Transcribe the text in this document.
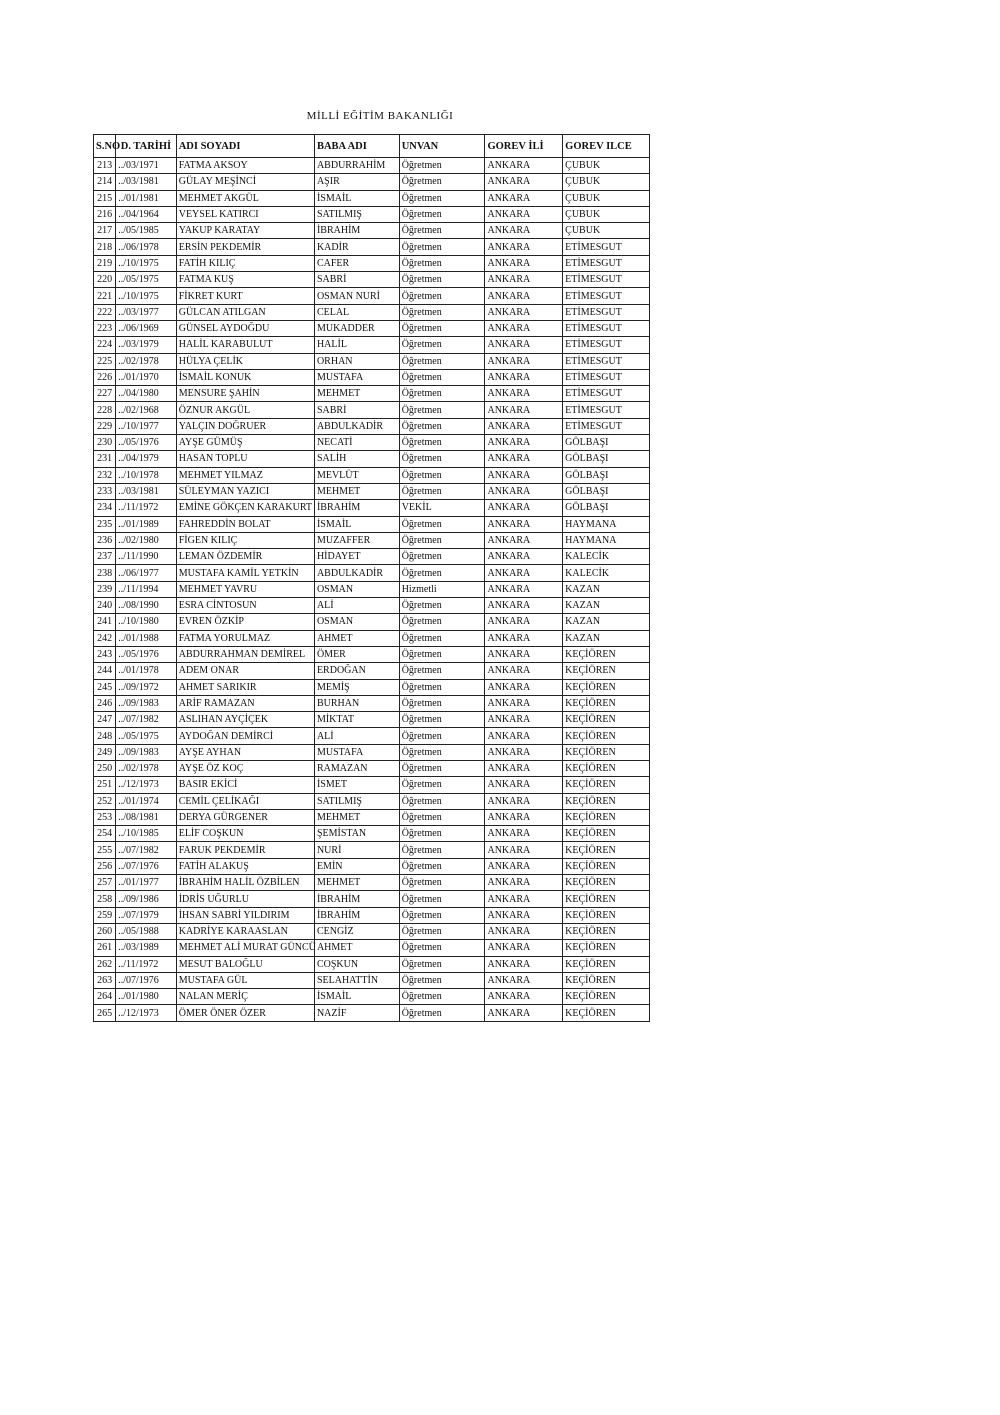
MİLLİ EĞİTİM BAKANLIĞI
S.NO	D. TARİHİ	ADI SOYADI	BABA ADI	UNVAN	GOREV İLİ	GOREV ILCE
213	../03/1971	FATMA AKSOY	ABDURRAHİM	Öğretmen	ANKARA	ÇUBUK
214	../03/1981	GÜLAY MEŞİNCİ	AŞIR	Öğretmen	ANKARA	ÇUBUK
215	../01/1981	MEHMET AKGÜL	İSMAİL	Öğretmen	ANKARA	ÇUBUK
216	../04/1964	VEYSEL KATIRCI	SATILMIŞ	Öğretmen	ANKARA	ÇUBUK
217	../05/1985	YAKUP KARATAY	İBRAHİM	Öğretmen	ANKARA	ÇUBUK
218	../06/1978	ERSİN PEKDEMİR	KADİR	Öğretmen	ANKARA	ETİMESGUT
219	../10/1975	FATİH KILIÇ	CAFER	Öğretmen	ANKARA	ETİMESGUT
220	../05/1975	FATMA KUŞ	SABRİ	Öğretmen	ANKARA	ETİMESGUT
221	../10/1975	FİKRET KURT	OSMAN NURİ	Öğretmen	ANKARA	ETİMESGUT
222	../03/1977	GÜLCAN ATILGAN	CELAL	Öğretmen	ANKARA	ETİMESGUT
223	../06/1969	GÜNSEL AYDOĞDU	MUKADDER	Öğretmen	ANKARA	ETİMESGUT
224	../03/1979	HALİL KARABULUT	HALİL	Öğretmen	ANKARA	ETİMESGUT
225	../02/1978	HÜLYA ÇELİK	ORHAN	Öğretmen	ANKARA	ETİMESGUT
226	../01/1970	İSMAİL KONUK	MUSTAFA	Öğretmen	ANKARA	ETİMESGUT
227	../04/1980	MENSURE ŞAHİN	MEHMET	Öğretmen	ANKARA	ETİMESGUT
228	../02/1968	ÖZNUR AKGÜL	SABRİ	Öğretmen	ANKARA	ETİMESGUT
229	../10/1977	YALÇIN DOĞRUER	ABDULKADİR	Öğretmen	ANKARA	ETİMESGUT
230	../05/1976	AYŞE GÜMÜŞ	NECATİ	Öğretmen	ANKARA	GÖLBAŞI
231	../04/1979	HASAN TOPLU	SALİH	Öğretmen	ANKARA	GÖLBAŞI
232	../10/1978	MEHMET YILMAZ	MEVLÜT	Öğretmen	ANKARA	GÖLBAŞI
233	../03/1981	SÜLEYMAN YAZICI	MEHMET	Öğretmen	ANKARA	GÖLBAŞI
234	../11/1972	EMİNE GÖKÇEN KARAKURT	İBRAHİM	VEKİL	ANKARA	GÖLBAŞI
235	../01/1989	FAHREDDİN BOLAT	İSMAİL	Öğretmen	ANKARA	HAYMANA
236	../02/1980	FİGEN KILIÇ	MUZAFFER	Öğretmen	ANKARA	HAYMANA
237	../11/1990	LEMAN ÖZDEMİR	HİDAYET	Öğretmen	ANKARA	KALECİK
238	../06/1977	MUSTAFA KAMİL YETKİN	ABDULKADİR	Öğretmen	ANKARA	KALECİK
239	../11/1994	MEHMET YAVRU	OSMAN	Hizmetli	ANKARA	KAZAN
240	../08/1990	ESRA CİNTOSUN	ALİ	Öğretmen	ANKARA	KAZAN
241	../10/1980	EVREN ÖZKİP	OSMAN	Öğretmen	ANKARA	KAZAN
242	../01/1988	FATMA YORULMAZ	AHMET	Öğretmen	ANKARA	KAZAN
243	../05/1976	ABDURRAHMAN DEMİREL	ÖMER	Öğretmen	ANKARA	KEÇİÖREN
244	../01/1978	ADEM ONAR	ERDOĞAN	Öğretmen	ANKARA	KEÇİÖREN
245	../09/1972	AHMET SARIKIR	MEMİŞ	Öğretmen	ANKARA	KEÇİÖREN
246	../09/1983	ARİF RAMAZAN	BURHAN	Öğretmen	ANKARA	KEÇİÖREN
247	../07/1982	ASLIHAN AYÇİÇEK	MİKTAT	Öğretmen	ANKARA	KEÇİÖREN
248	../05/1975	AYDOĞAN DEMİRCİ	ALİ	Öğretmen	ANKARA	KEÇİÖREN
249	../09/1983	AYŞE AYHAN	MUSTAFA	Öğretmen	ANKARA	KEÇİÖREN
250	../02/1978	AYŞE ÖZ KOÇ	RAMAZAN	Öğretmen	ANKARA	KEÇİÖREN
251	../12/1973	BASIR EKİCİ	İSMET	Öğretmen	ANKARA	KEÇİÖREN
252	../01/1974	CEMİL ÇELİKAĞI	SATILMIŞ	Öğretmen	ANKARA	KEÇİÖREN
253	../08/1981	DERYA GÜRGENER	MEHMET	Öğretmen	ANKARA	KEÇİÖREN
254	../10/1985	ELİF COŞKUN	ŞEMİSTAN	Öğretmen	ANKARA	KEÇİÖREN
255	../07/1982	FARUK PEKDEMİR	NURİ	Öğretmen	ANKARA	KEÇİÖREN
256	../07/1976	FATİH ALAKUŞ	EMİN	Öğretmen	ANKARA	KEÇİÖREN
257	../01/1977	İBRAHİM HALİL ÖZBİLEN	MEHMET	Öğretmen	ANKARA	KEÇİÖREN
258	../09/1986	İDRİS UĞURLU	İBRAHİM	Öğretmen	ANKARA	KEÇİÖREN
259	../07/1979	İHSAN SABRİ YILDIRIM	İBRAHİM	Öğretmen	ANKARA	KEÇİÖREN
260	../05/1988	KADRİYE KARAASLAN	CENGİZ	Öğretmen	ANKARA	KEÇİÖREN
261	../03/1989	MEHMET ALİ MURAT GÜNCÜ	AHMET	Öğretmen	ANKARA	KEÇİÖREN
262	../11/1972	MESUT BALOĞLU	COŞKUN	Öğretmen	ANKARA	KEÇİÖREN
263	../07/1976	MUSTAFA GÜL	SELAHATTİN	Öğretmen	ANKARA	KEÇİÖREN
264	../01/1980	NALAN MERİÇ	İSMAİL	Öğretmen	ANKARA	KEÇİÖREN
265	../12/1973	ÖMER ÖNER ÖZER	NAZİF	Öğretmen	ANKARA	KEÇİÖREN
